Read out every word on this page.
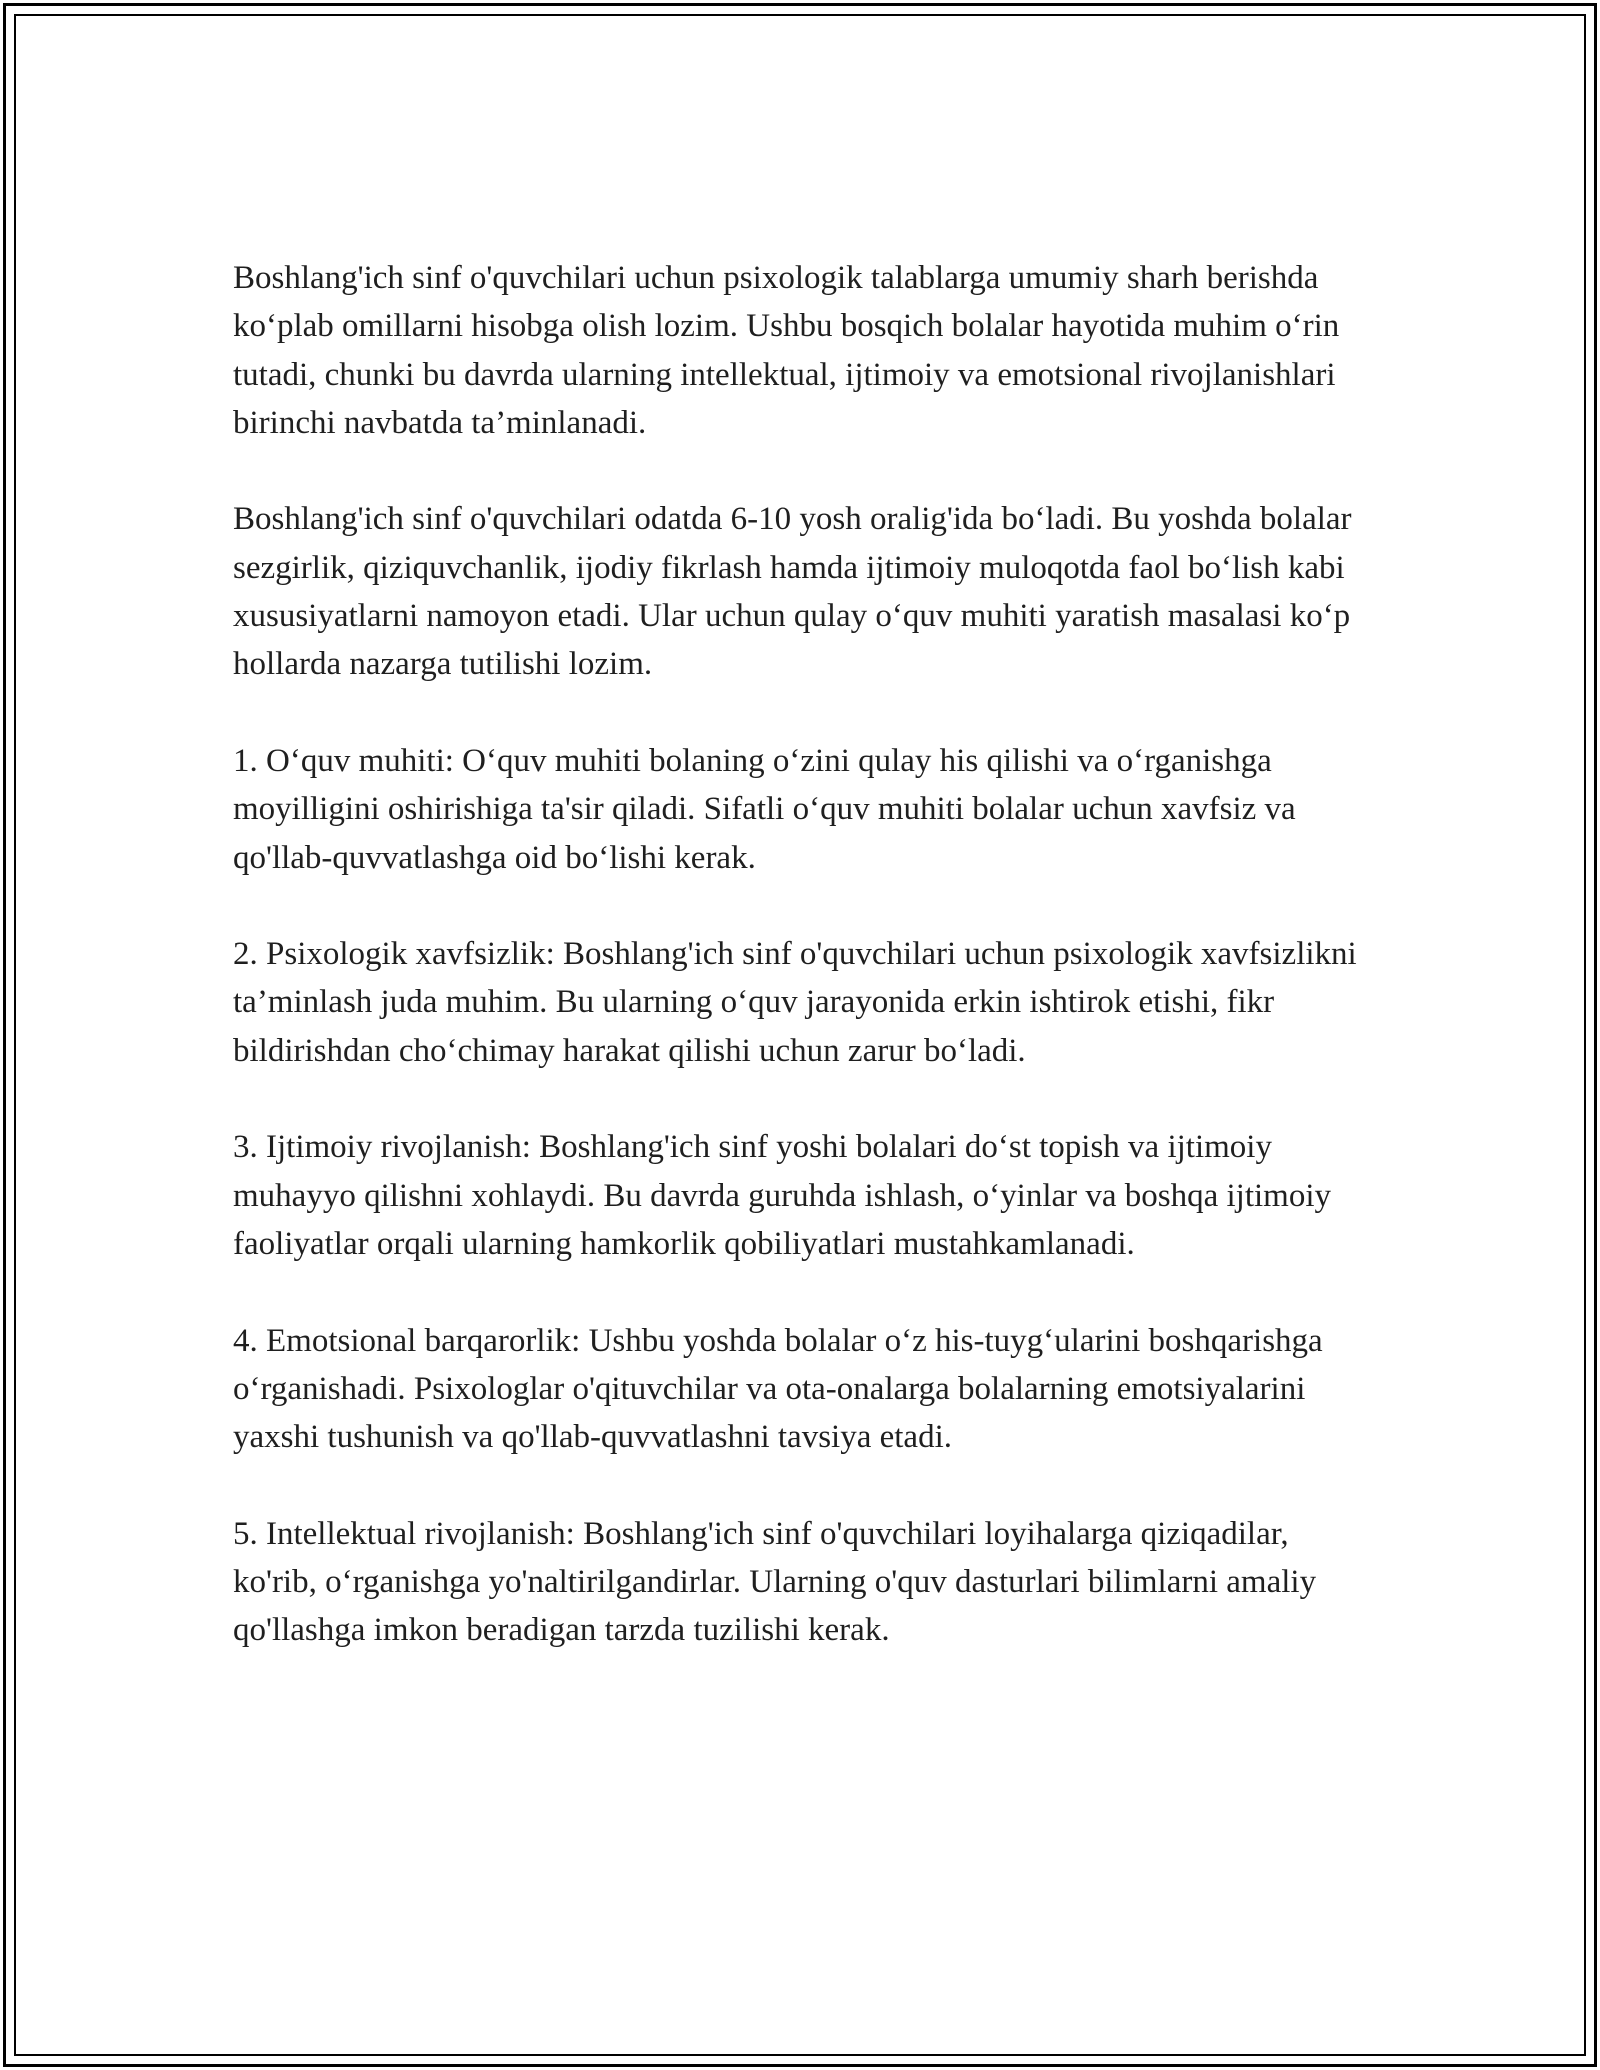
Boshlang'ich sinf o'quvchilari uchun psixologik talablarga umumiy sharh berishda ko‘plab omillarni hisobga olish lozim. Ushbu bosqich bolalar hayotida muhim o‘rin tutadi, chunki bu davrda ularning intellektual, ijtimoiy va emotsional rivojlanishlari birinchi navbatda ta’minlanadi.

Boshlang'ich sinf o'quvchilari odatda 6-10 yosh oralig'ida bo‘ladi. Bu yoshda bolalar sezgirlik, qiziquvchanlik, ijodiy fikrlash hamda ijtimoiy muloqotda faol bo‘lish kabi xususiyatlarni namoyon etadi. Ular uchun qulay o‘quv muhiti yaratish masalasi ko‘p hollarda nazarga tutilishi lozim.

1. O‘quv muhiti: O‘quv muhiti bolaning o‘zini qulay his qilishi va o‘rganishga moyilligini oshirishiga ta'sir qiladi. Sifatli o‘quv muhiti bolalar uchun xavfsiz va qo'llab-quvvatlashga oid bo‘lishi kerak.

2. Psixologik xavfsizlik: Boshlang'ich sinf o'quvchilari uchun psixologik xavfsizlikni ta’minlash juda muhim. Bu ularning o‘quv jarayonida erkin ishtirok etishi, fikr bildirishdan cho‘chimay harakat qilishi uchun zarur bo‘ladi.

3. Ijtimoiy rivojlanish: Boshlang'ich sinf yoshi bolalari do‘st topish va ijtimoiy muhayyo qilishni xohlaydi. Bu davrda guruhda ishlash, o‘yinlar va boshqa ijtimoiy faoliyatlar orqali ularning hamkorlik qobiliyatlari mustahkamlanadi.

4. Emotsional barqarorlik: Ushbu yoshda bolalar o‘z his-tuyg‘ularini boshqarishga o‘rganishadi. Psixologlar o'qituvchilar va ota-onalarga bolalarning emotsiyalarini yaxshi tushunish va qo'llab-quvvatlashni tavsiya etadi.

5. Intellektual rivojlanish: Boshlang'ich sinf o'quvchilari loyihalarga qiziqadilar, ko'rib, o‘rganishga yo'naltirilgandirlar. Ularning o'quv dasturlari bilimlarni amaliy qo'llashga imkon beradigan tarzda tuzilishi kerak.
